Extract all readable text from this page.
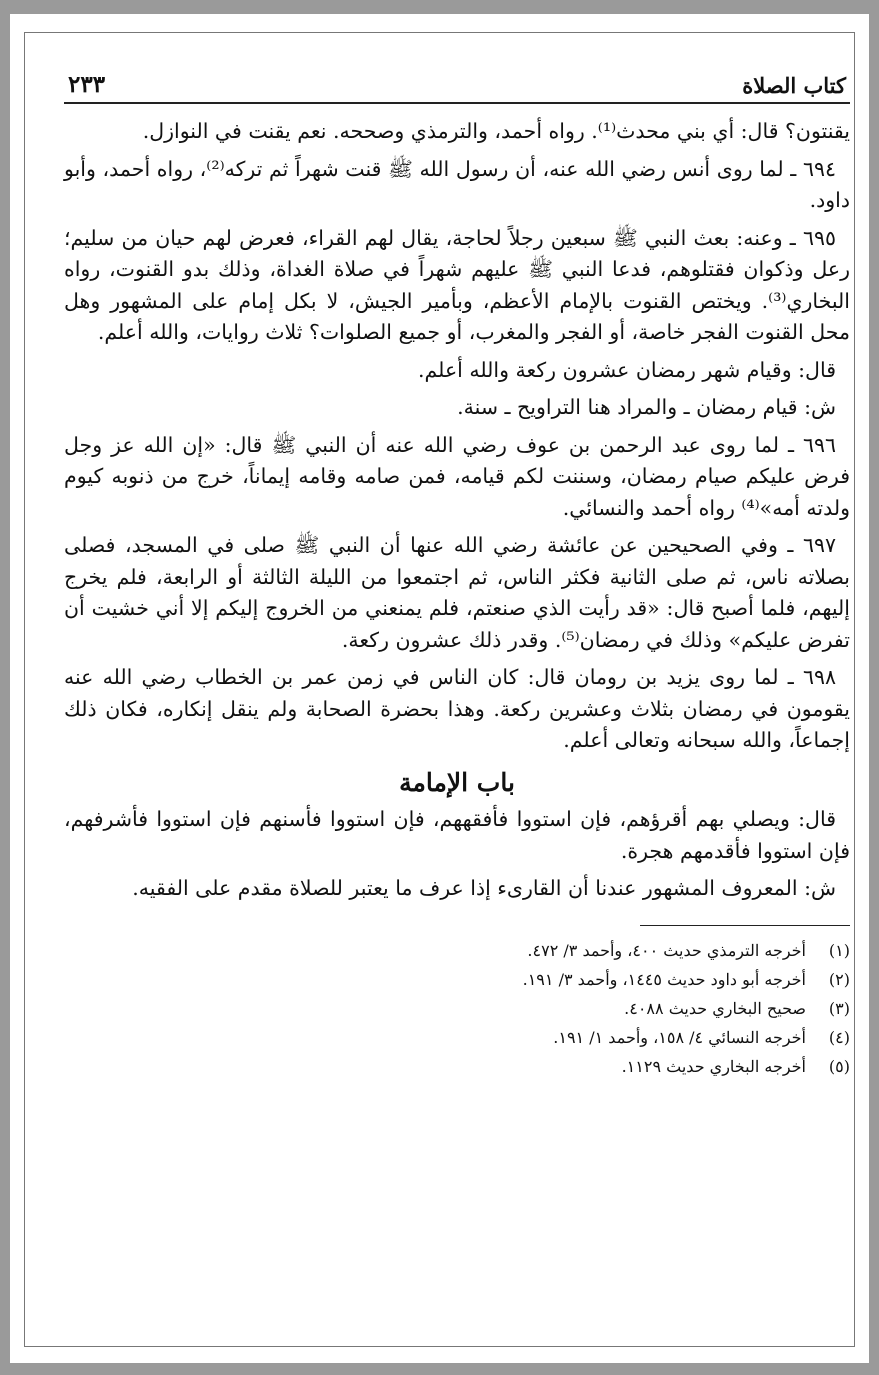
كتاب الصلاة
٢٣٣

يقنتون؟ قال: أي بني محدث⁽¹⁾. رواه أحمد، والترمذي وصححه. نعم يقنت في النوازل.

٦٩٤ ـ لما روى أنس رضي الله عنه، أن رسول الله ﷺ قنت شهراً ثم تركه⁽²⁾، رواه أحمد، وأبو داود.

٦٩٥ ـ وعنه: بعث النبي ﷺ سبعين رجلاً لحاجة، يقال لهم القراء، فعرض لهم حيان من سليم؛ رعل وذكوان فقتلوهم، فدعا النبي ﷺ عليهم شهراً في صلاة الغداة، وذلك بدو القنوت، رواه البخاري⁽³⁾. ويختص القنوت بالإمام الأعظم، وبأمير الجيش، لا بكل إمام على المشهور وهل محل القنوت الفجر خاصة، أو الفجر والمغرب، أو جميع الصلوات؟ ثلاث روايات، والله أعلم.

قال: وقيام شهر رمضان عشرون ركعة والله أعلم.

ش: قيام رمضان ـ والمراد هنا التراويح ـ سنة.

٦٩٦ ـ لما روى عبد الرحمن بن عوف رضي الله عنه أن النبي ﷺ قال: «إن الله عز وجل فرض عليكم صيام رمضان، وسننت لكم قيامه، فمن صامه وقامه إيماناً، خرج من ذنوبه كيوم ولدته أمه»⁽⁴⁾ رواه أحمد والنسائي.

٦٩٧ ـ وفي الصحيحين عن عائشة رضي الله عنها أن النبي ﷺ صلى في المسجد، فصلى بصلاته ناس، ثم صلى الثانية فكثر الناس، ثم اجتمعوا من الليلة الثالثة أو الرابعة، فلم يخرج إليهم، فلما أصبح قال: «قد رأيت الذي صنعتم، فلم يمنعني من الخروج إليكم إلا أني خشيت أن تفرض عليكم» وذلك في رمضان⁽⁵⁾. وقدر ذلك عشرون ركعة.

٦٩٨ ـ لما روى يزيد بن رومان قال: كان الناس في زمن عمر بن الخطاب رضي الله عنه يقومون في رمضان بثلاث وعشرين ركعة. وهذا بحضرة الصحابة ولم ينقل إنكاره، فكان ذلك إجماعاً، والله سبحانه وتعالى أعلم.

باب الإمامة

قال: ويصلي بهم أقرؤهم، فإن استووا فأفقههم، فإن استووا فأسنهم فإن استووا فأشرفهم، فإن استووا فأقدمهم هجرة.

ش: المعروف المشهور عندنا أن القارىء إذا عرف ما يعتبر للصلاة مقدم على الفقيه.

(١)
أخرجه الترمذي حديث ٤٠٠، وأحمد ٣/ ٤٧٢.
(٢)
أخرجه أبو داود حديث ١٤٤٥، وأحمد ٣/ ١٩١.
(٣)
صحيح البخاري حديث ٤٠٨٨.
(٤)
أخرجه النسائي ٤/ ١٥٨، وأحمد ١/ ١٩١.
(٥)
أخرجه البخاري حديث ١١٢٩.
